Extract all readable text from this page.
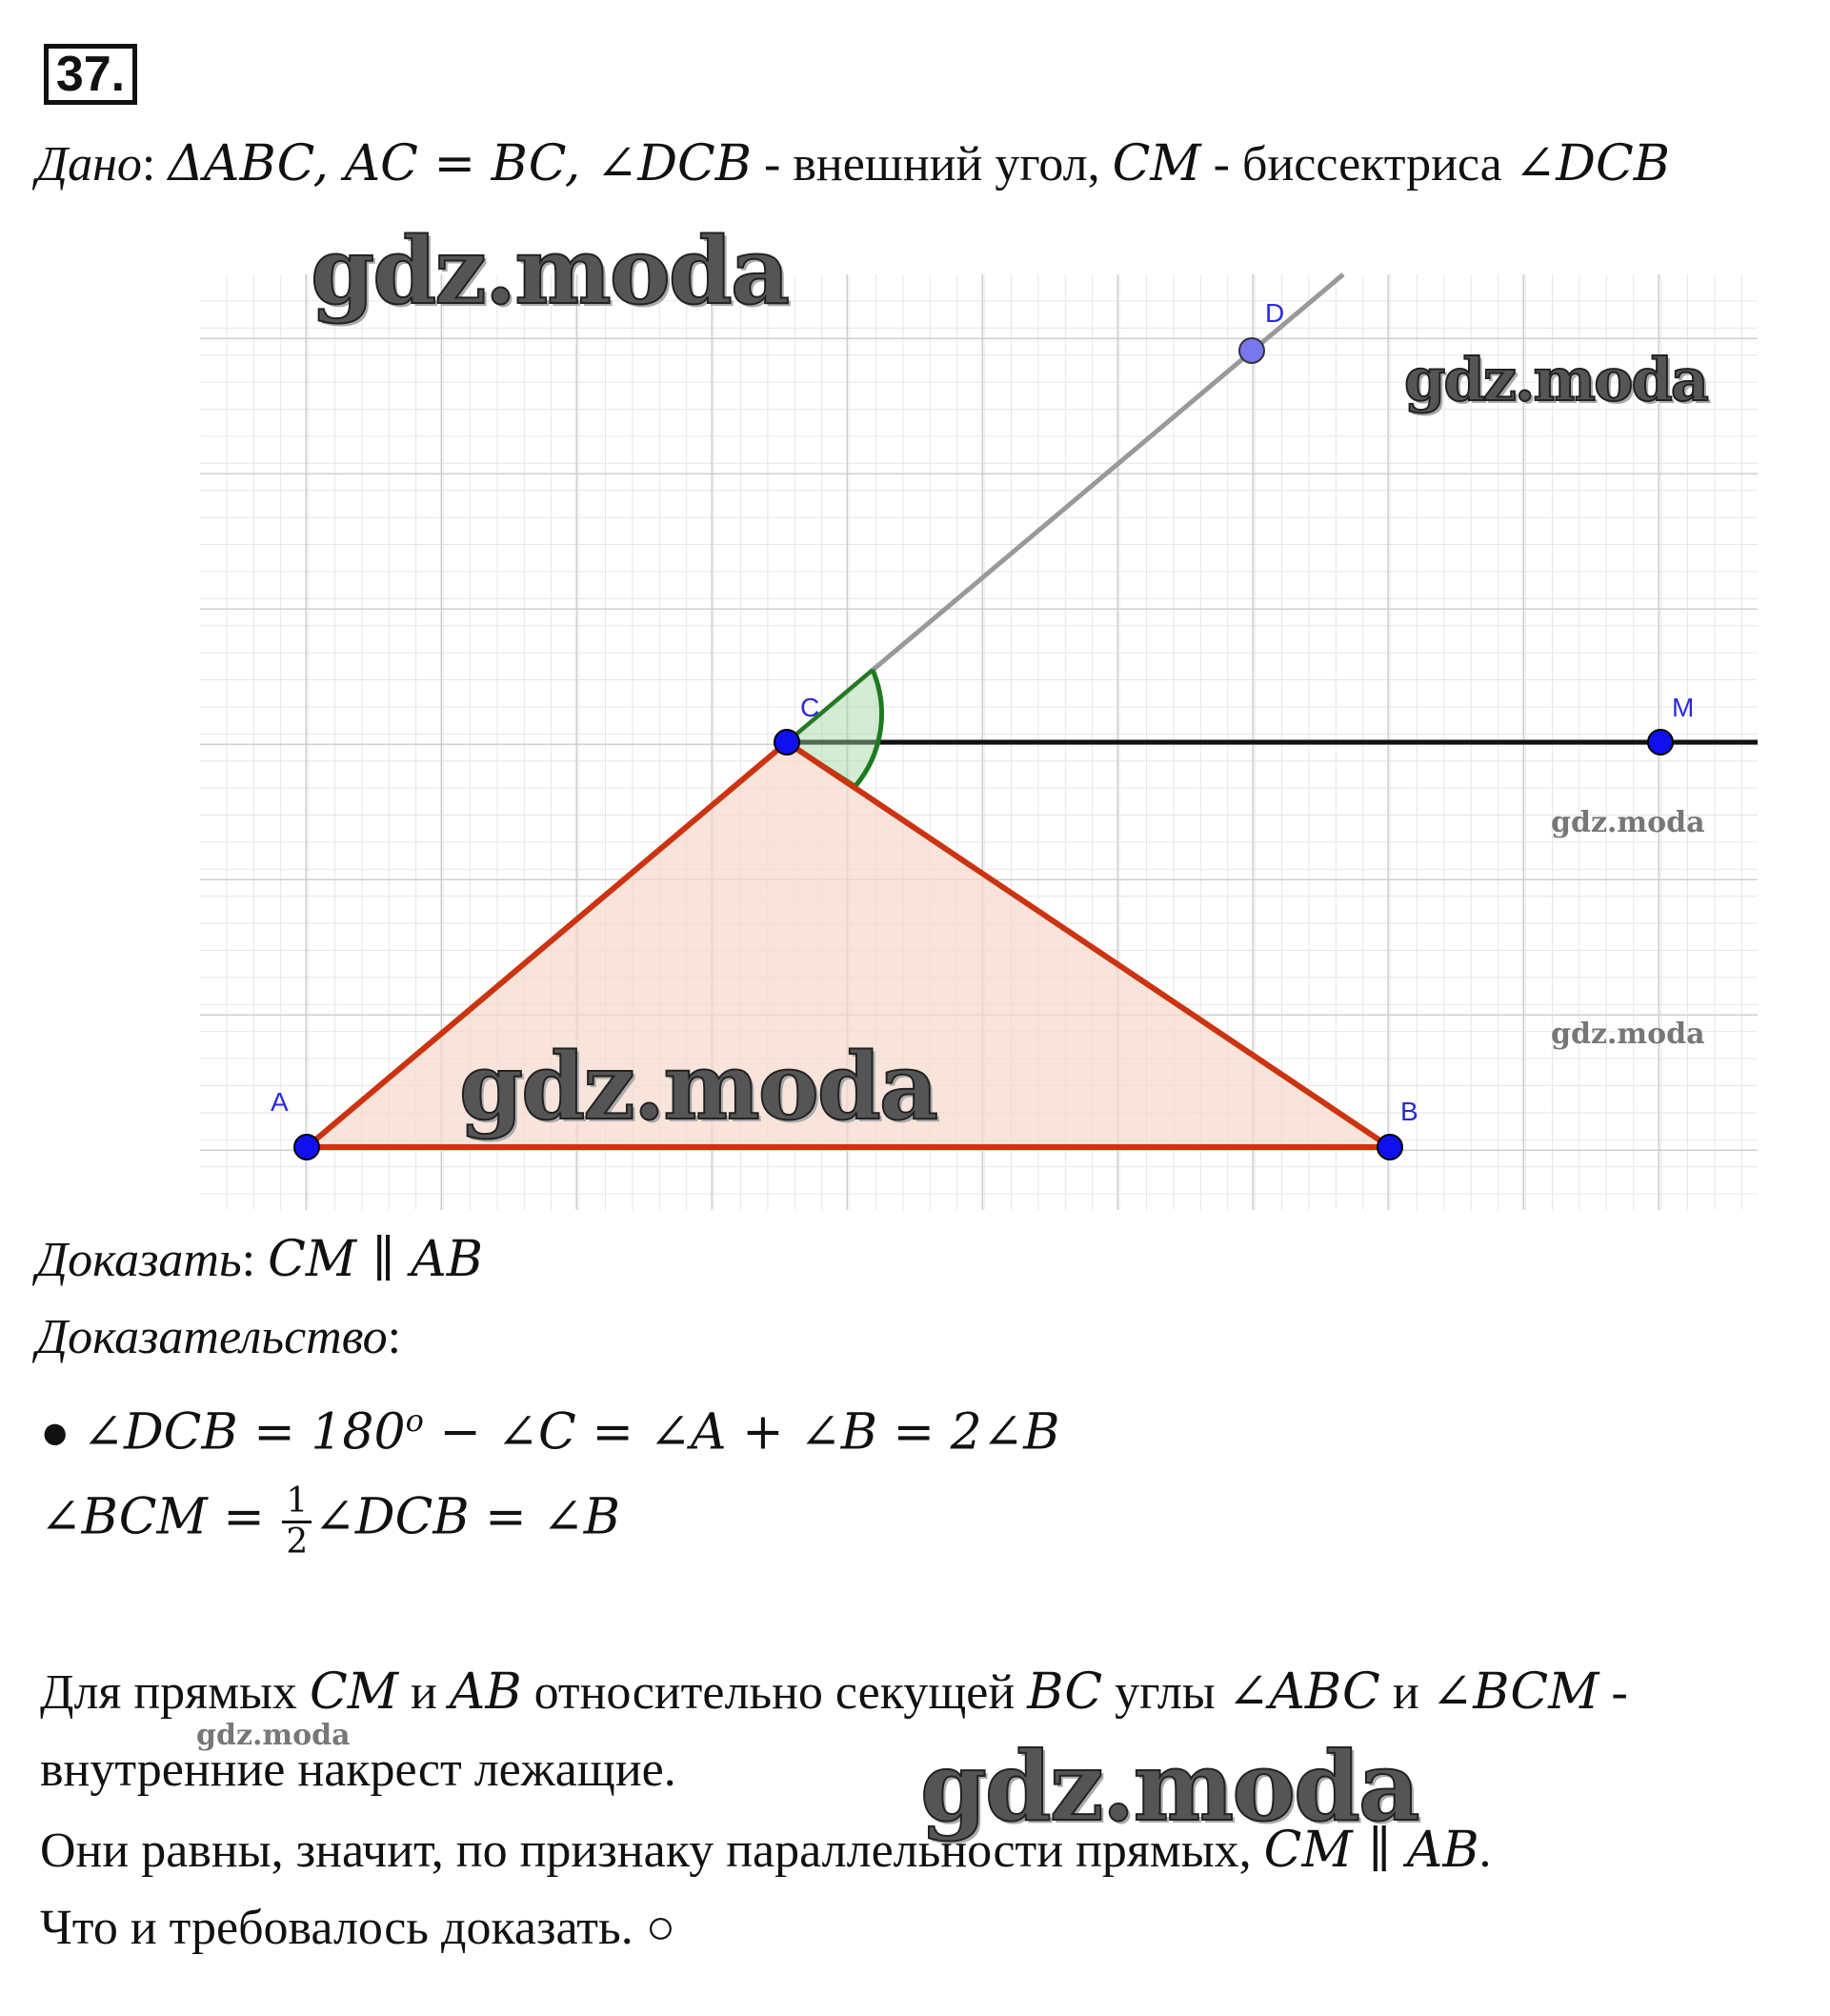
37.
Дано: ΔABC, AC = BC, ∠DCB - внешний угол, CM - биссектриса ∠DCB
A	B
C
D
M
gdz.moda
gdz.moda
gdz.moda
gdz.moda
gdz.moda
Доказать: CM ∥ AB
Доказательство:
● ∠DCB = $180^o$ − ∠C = ∠A + ∠B = 2∠B
∠BCM = $\frac{1}{2}$ ∠DCB = ∠B
Для прямых CM и AB относительно секущей BC углы ∠ABC и ∠BCM -
gdz.moda
внутренние накрест лежащие.	gdz.moda
Они равны, значит, по признаку параллельности прямых, CM ∥ AB.
Что и требовалось доказать. ○
